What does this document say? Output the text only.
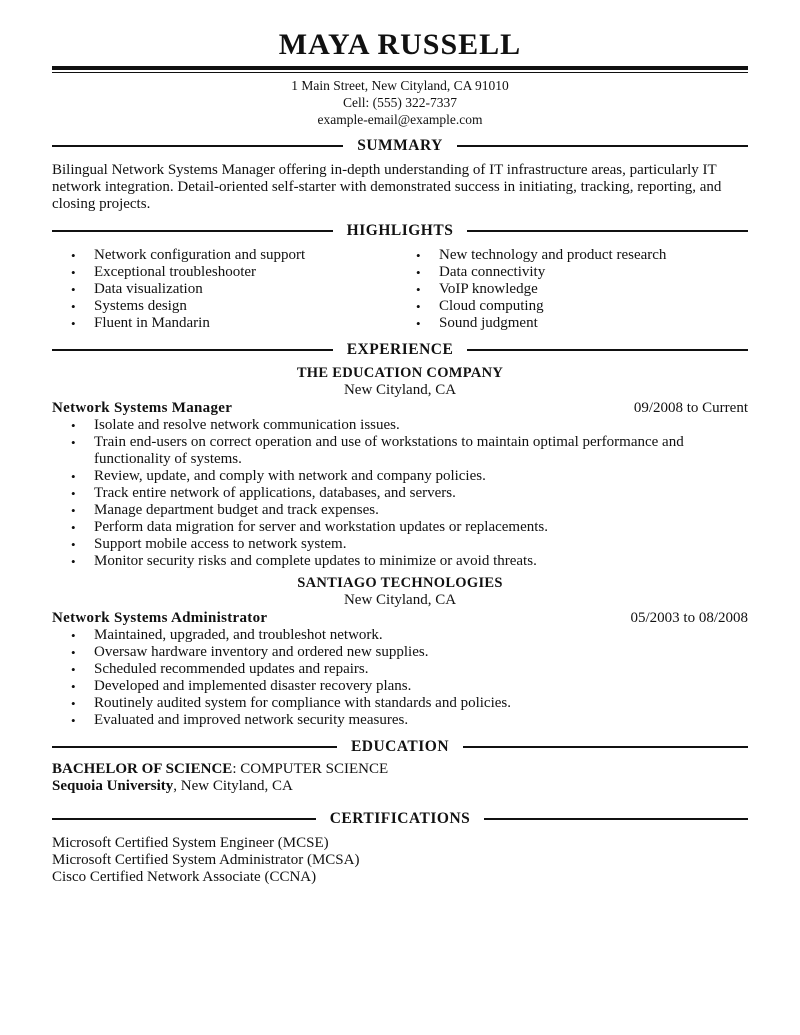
MAYA RUSSELL
1 Main Street, New Cityland, CA 91010
Cell: (555) 322-7337
example-email@example.com
SUMMARY
Bilingual Network Systems Manager offering in-depth understanding of IT infrastructure areas, particularly IT network integration. Detail-oriented self-starter with demonstrated success in initiating, tracking, reporting, and closing projects.
HIGHLIGHTS
• Network configuration and support
• Exceptional troubleshooter
• Data visualization
• Systems design
• Fluent in Mandarin
• New technology and product research
• Data connectivity
• VoIP knowledge
• Cloud computing
• Sound judgment
EXPERIENCE
THE EDUCATION COMPANY
New Cityland, CA
Network Systems Manager	09/2008 to Current
• Isolate and resolve network communication issues.
• Train end-users on correct operation and use of workstations to maintain optimal performance and functionality of systems.
• Review, update, and comply with network and company policies.
• Track entire network of applications, databases, and servers.
• Manage department budget and track expenses.
• Perform data migration for server and workstation updates or replacements.
• Support mobile access to network system.
• Monitor security risks and complete updates to minimize or avoid threats.
SANTIAGO TECHNOLOGIES
New Cityland, CA
Network Systems Administrator	05/2003 to 08/2008
• Maintained, upgraded, and troubleshot network.
• Oversaw hardware inventory and ordered new supplies.
• Scheduled recommended updates and repairs.
• Developed and implemented disaster recovery plans.
• Routinely audited system for compliance with standards and policies.
• Evaluated and improved network security measures.
EDUCATION
BACHELOR OF SCIENCE: COMPUTER SCIENCE
Sequoia University, New Cityland, CA
CERTIFICATIONS
Microsoft Certified System Engineer (MCSE)
Microsoft Certified System Administrator (MCSA)
Cisco Certified Network Associate (CCNA)
